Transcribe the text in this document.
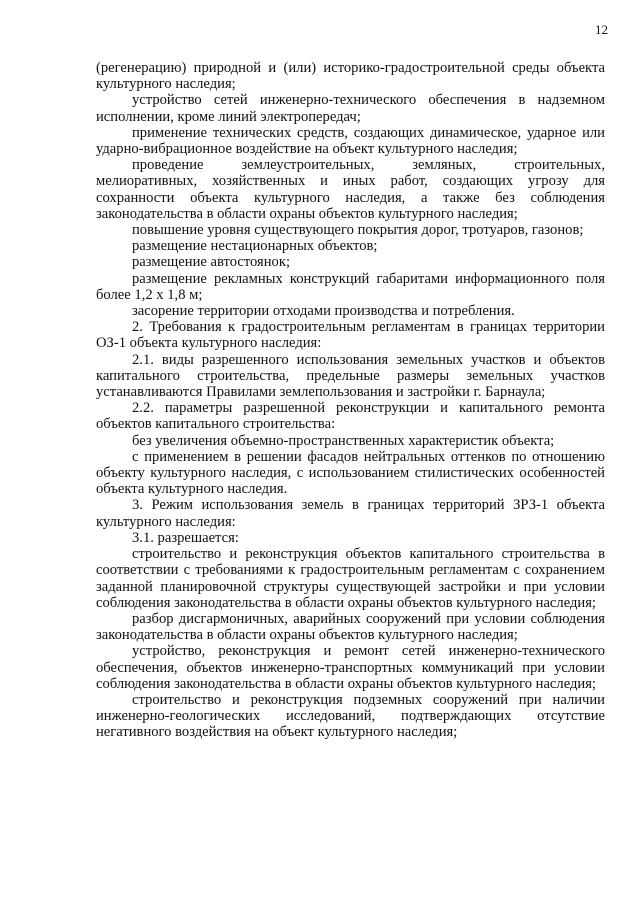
12

(регенерацию) природной и (или) историко-градостроительной среды объекта культурного наследия;

устройство сетей инженерно-технического обеспечения в надземном исполнении, кроме линий электропередач;

применение технических средств, создающих динамическое, ударное или ударно-вибрационное воздействие на объект культурного наследия;

проведение землеустроительных, земляных, строительных, мелиоративных, хозяйственных и иных работ, создающих угрозу для сохранности объекта культурного наследия, а также без соблюдения законодательства в области охраны объектов культурного наследия;

повышение уровня существующего покрытия дорог, тротуаров, газонов;

размещение нестационарных объектов;

размещение автостоянок;

размещение рекламных конструкций габаритами информационного поля более 1,2 х 1,8 м;

засорение территории отходами производства и потребления.

2. Требования к градостроительным регламентам в границах территории ОЗ-1 объекта культурного наследия:

2.1. виды разрешенного использования земельных участков и объектов капитального строительства, предельные размеры земельных участков устанавливаются Правилами землепользования и застройки г. Барнаула;

2.2. параметры разрешенной реконструкции и капитального ремонта объектов капитального строительства:

без увеличения объемно-пространственных характеристик объекта;

с применением в решении фасадов нейтральных оттенков по отношению объекту культурного наследия, с использованием стилистических особенностей объекта культурного наследия.

3. Режим использования земель в границах территорий ЗРЗ-1 объекта культурного наследия:

3.1. разрешается:

строительство и реконструкция объектов капитального строительства в соответствии с требованиями к градостроительным регламентам с сохранением заданной планировочной структуры существующей застройки и при условии соблюдения законодательства в области охраны объектов культурного наследия;

разбор дисгармоничных, аварийных сооружений при условии соблюдения законодательства в области охраны объектов культурного наследия;

устройство, реконструкция и ремонт сетей инженерно-технического обеспечения, объектов инженерно-транспортных коммуникаций при условии соблюдения законодательства в области охраны объектов культурного наследия;

строительство и реконструкция подземных сооружений при наличии инженерно-геологических исследований, подтверждающих отсутствие негативного воздействия на объект культурного наследия;
